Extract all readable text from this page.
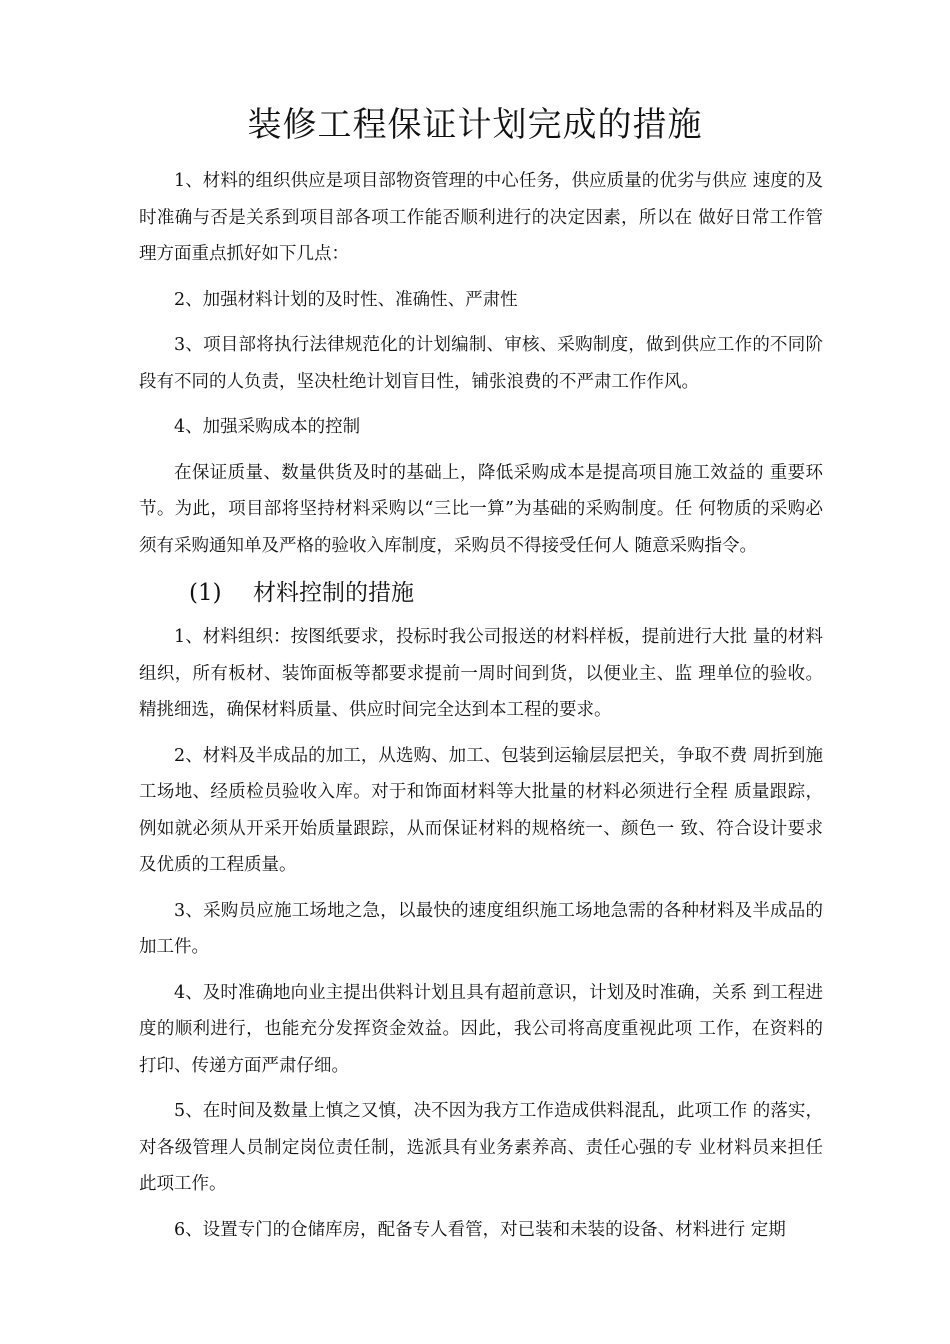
装修工程保证计划完成的措施

1、材料的组织供应是项目部物资管理的中心任务，供应质量的优劣与供应 速度的及时准确与否是关系到项目部各项工作能否顺利进行的决定因素，所以在 做好日常工作管理方面重点抓好如下几点：

2、加强材料计划的及时性、准确性、严肃性

3、项目部将执行法律规范化的计划编制、审核、采购制度，做到供应工作的不同阶段有不同的人负责，坚决杜绝计划盲目性，铺张浪费的不严肃工作作风。

4、加强采购成本的控制

在保证质量、数量供货及时的基础上，降低采购成本是提高项目施工效益的 重要环节。为此，项目部将坚持材料采购以“三比一算”为基础的采购制度。任 何物质的采购必须有采购通知单及严格的验收入库制度，采购员不得接受任何人 随意采购指令。

(1) 材料控制的措施

1、材料组织：按图纸要求，投标时我公司报送的材料样板，提前进行大批 量的材料组织，所有板材、装饰面板等都要求提前一周时间到货，以便业主、监 理单位的验收。精挑细选，确保材料质量、供应时间完全达到本工程的要求。

2、材料及半成品的加工，从选购、加工、包装到运输层层把关，争取不费 周折到施工场地、经质检员验收入库。对于和饰面材料等大批量的材料必须进行全程 质量跟踪，例如就必须从开采开始质量跟踪，从而保证材料的规格统一、颜色一 致、符合设计要求及优质的工程质量。

3、采购员应施工场地之急，以最快的速度组织施工场地急需的各种材料及半成品的 加工件。

4、及时准确地向业主提出供料计划且具有超前意识，计划及时准确，关系 到工程进度的顺利进行，也能充分发挥资金效益。因此，我公司将高度重视此项 工作，在资料的打印、传递方面严肃仔细。

5、在时间及数量上慎之又慎，决不因为我方工作造成供料混乱，此项工作 的落实，对各级管理人员制定岗位责任制，选派具有业务素养高、责任心强的专 业材料员来担任此项工作。

6、设置专门的仓储库房，配备专人看管，对已装和未装的设备、材料进行 定期
